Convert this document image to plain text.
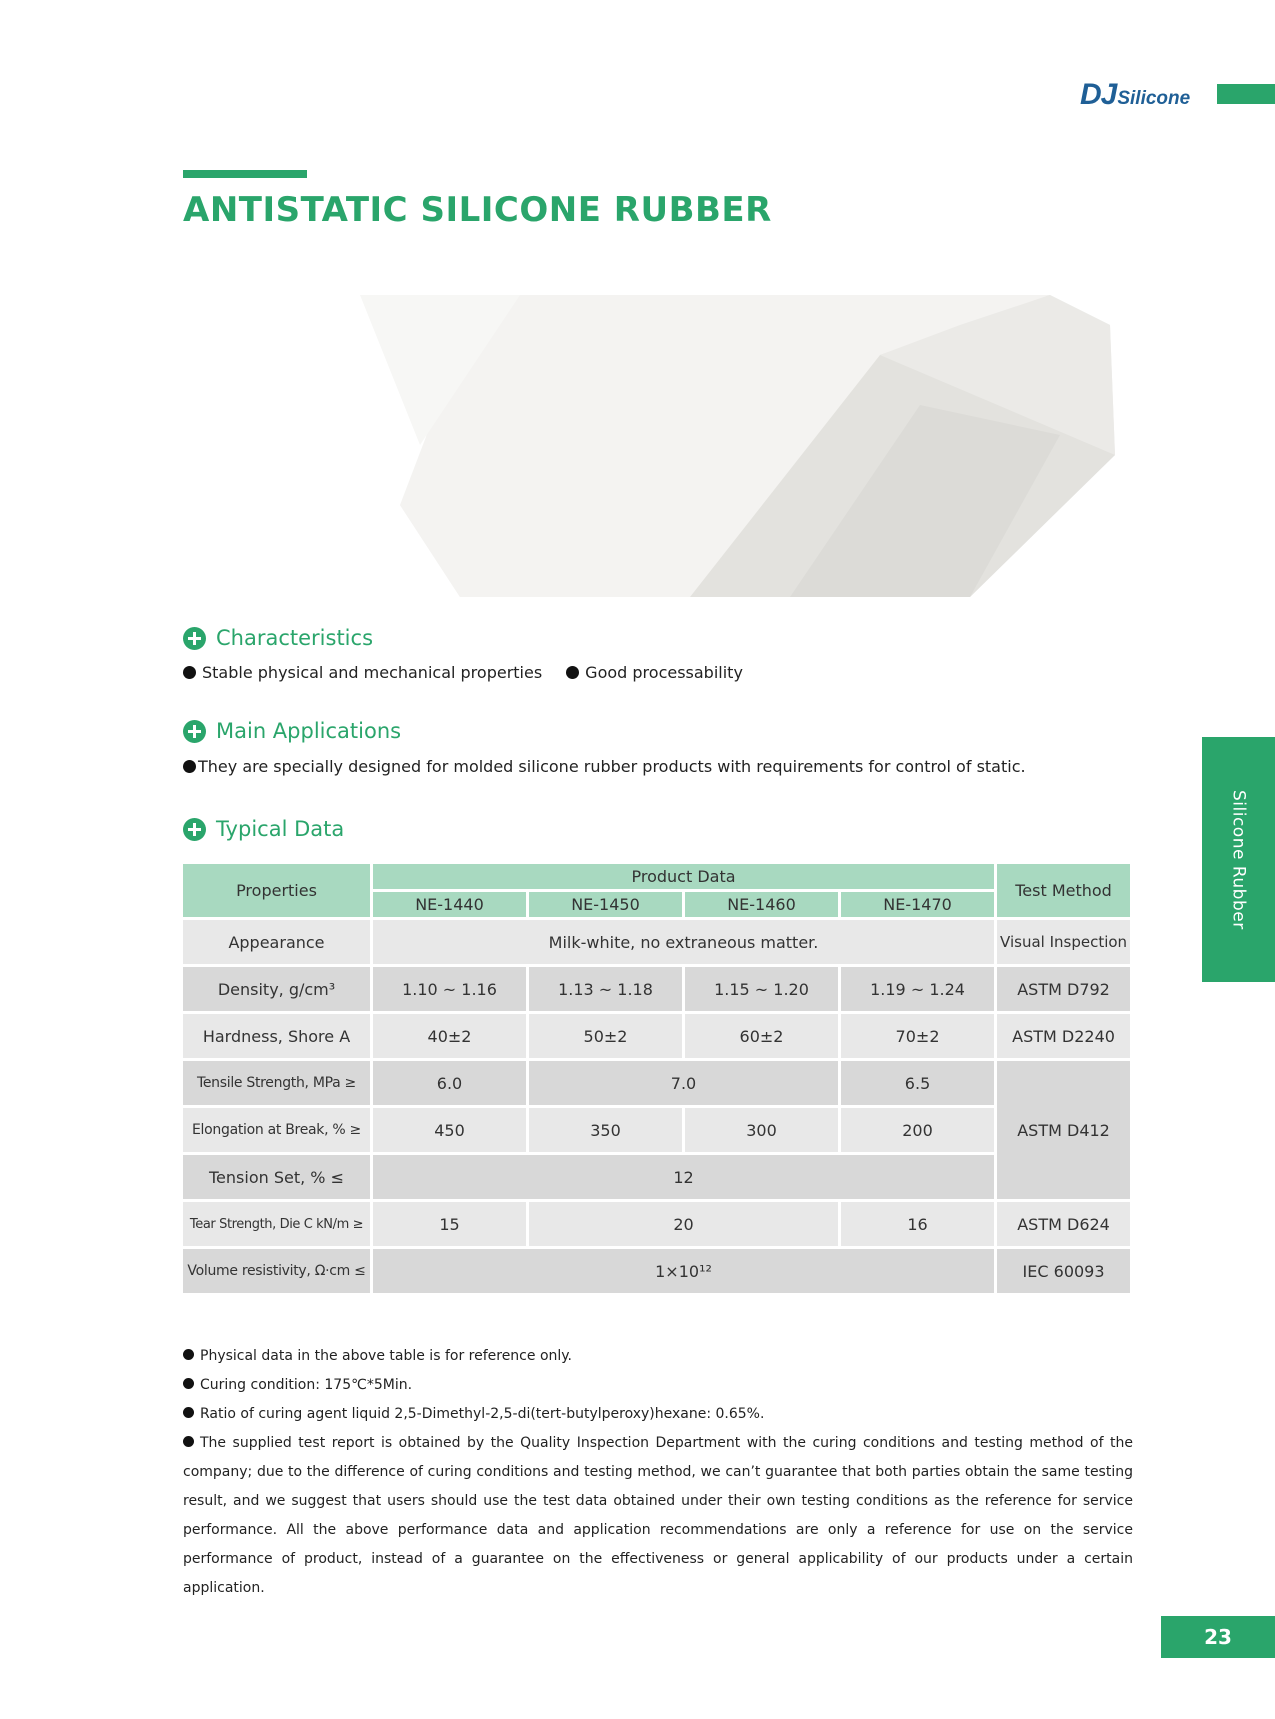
DJ Silicone
ANTISTATIC SILICONE RUBBER
Characteristics
Stable physical and mechanical properties	Good processability
Main Applications
They are specially designed for molded silicone rubber products with requirements for control of static.
Typical Data
Properties	Product Data				Test Method
	NE-1440	NE-1450	NE-1460	NE-1470	
Appearance	Milk-white, no extraneous matter.				Visual Inspection
Density, g/cm³	1.10 ~ 1.16	1.13 ~ 1.18	1.15 ~ 1.20	1.19 ~ 1.24	ASTM D792
Hardness, Shore A	40±2	50±2	60±2	70±2	ASTM D2240
Tensile Strength, MPa ≥	6.0	7.0		6.5	ASTM D412
Elongation at Break, % ≥	450	350	300	200	
Tension Set, % ≤	12				
Tear Strength, Die C kN/m ≥	15	20		16	ASTM D624
Volume resistivity, Ω·cm ≤	1×10¹²				IEC 60093

Physical data in the above table is for reference only.

Curing condition: 175℃*5Min.

Ratio of curing agent liquid 2,5-Dimethyl-2,5-di(tert-butylperoxy)hexane: 0.65%.

The supplied test report is obtained by the Quality Inspection Department with the curing conditions and testing method of the company; due to the difference of curing conditions and testing method, we can’t guarantee that both parties obtain the same testing result, and we suggest that users should use the test data obtained under their own testing conditions as the reference for service performance. All the above performance data and application recommendations are only a reference for use on the service performance of product, instead of a guarantee on the effectiveness or general applicability of our products under a certain application.

Silicone Rubber
23
